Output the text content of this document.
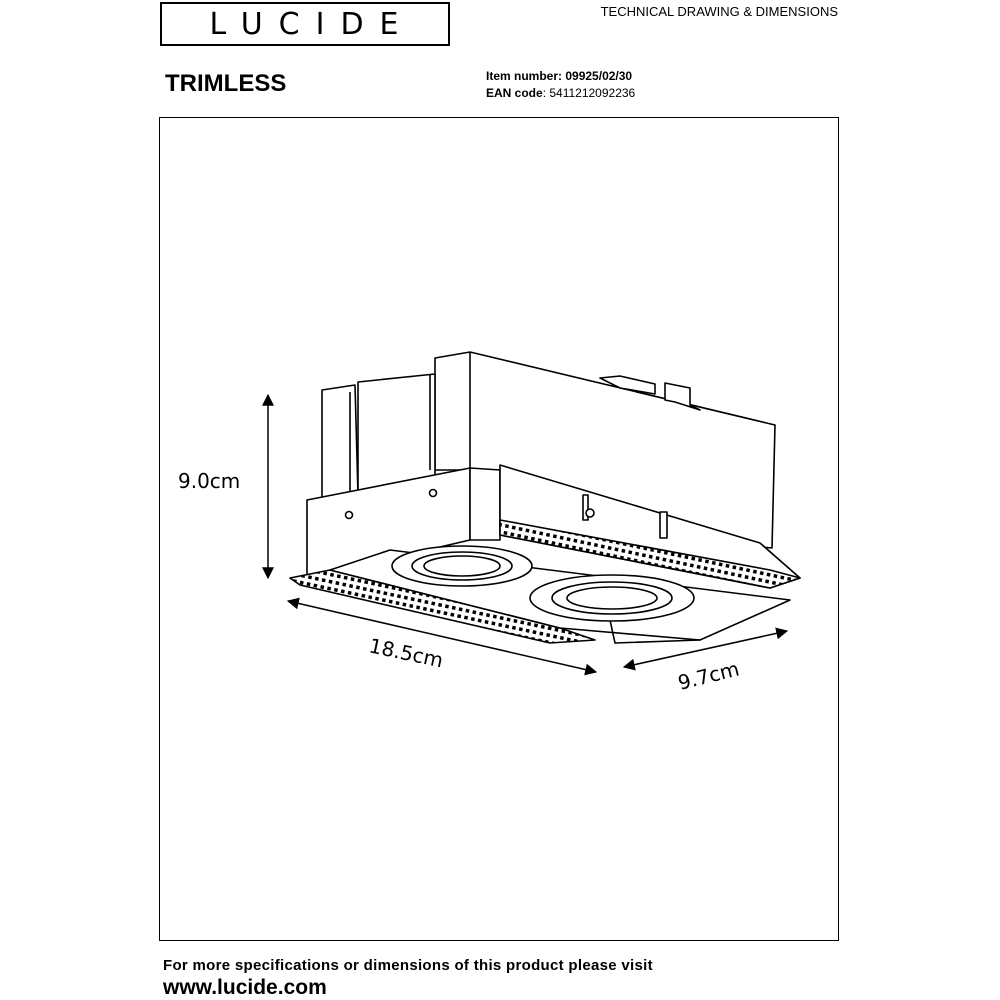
LUCIDE	TECHNICAL DRAWING & DIMENSIONS
TRIMLESS	Item number: 09925/02/30
EAN code: 5411212092236
9.0cm
18.5cm
9.7cm
For more specifications or dimensions of this product please visit
www.lucide.com
